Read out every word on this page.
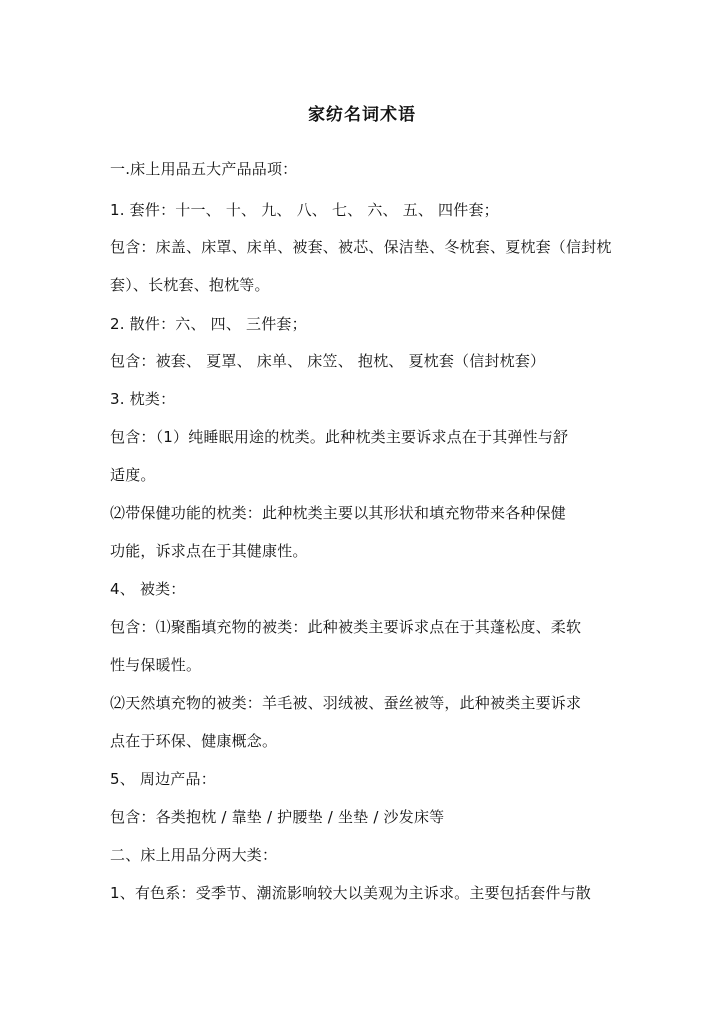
家纺名词术语
一.床上用品五大产品品项：
1. 套件：十一、 十、 九、 八、 七、 六、 五、 四件套；
包含：床盖、床罩、床单、被套、被芯、保洁垫、冬枕套、夏枕套（信封枕
套）、长枕套、抱枕等。
2. 散件：六、 四、 三件套；
包含：被套、 夏罩、 床单、 床笠、 抱枕、 夏枕套（信封枕套）
3. 枕类：
包含：（1）纯睡眠用途的枕类。此种枕类主要诉求点在于其弹性与舒
适度。
⑵带保健功能的枕类：此种枕类主要以其形状和填充物带来各种保健
功能，诉求点在于其健康性。
4、 被类：
包含：⑴聚酯填充物的被类：此种被类主要诉求点在于其蓬松度、柔软
性与保暖性。
⑵天然填充物的被类：羊毛被、羽绒被、蚕丝被等，此种被类主要诉求
点在于环保、健康概念。
5、 周边产品：
包含：各类抱枕 / 靠垫 / 护腰垫 / 坐垫 / 沙发床等
二、床上用品分两大类：
1、有色系：受季节、潮流影响较大以美观为主诉求。主要包括套件与散
